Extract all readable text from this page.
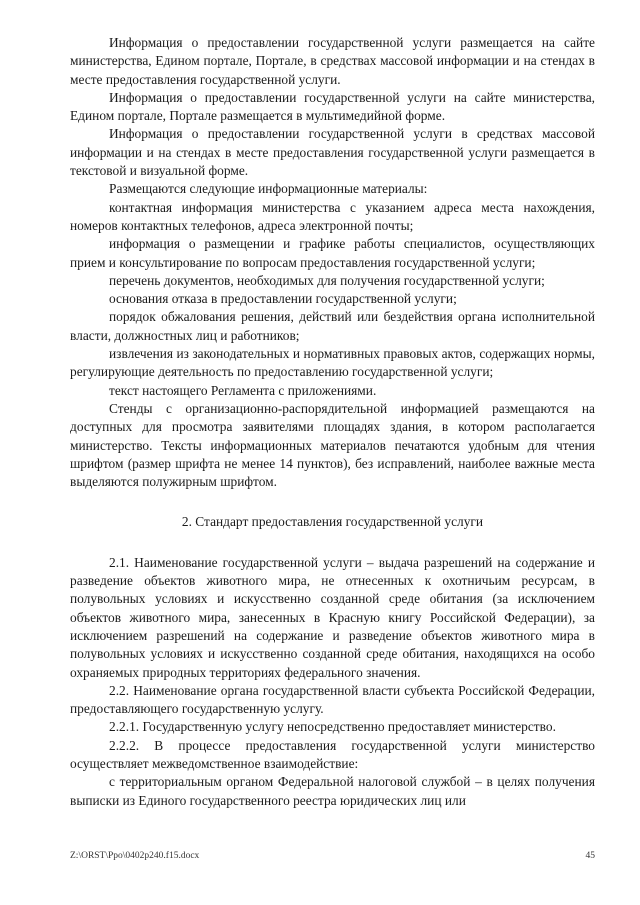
Информация о предоставлении государственной услуги размещается на сайте министерства, Едином портале, Портале, в средствах массовой информации и на стендах в месте предоставления государственной услуги.

Информация о предоставлении государственной услуги на сайте министерства, Едином портале, Портале размещается в мультимедийной форме.

Информация о предоставлении государственной услуги в средствах массовой информации и на стендах в месте предоставления государственной услуги размещается в текстовой и визуальной форме.

Размещаются следующие информационные материалы:

контактная информация министерства с указанием адреса места нахождения, номеров контактных телефонов, адреса электронной почты;

информация о размещении и графике работы специалистов, осуществляющих прием и консультирование по вопросам предоставления государственной услуги;

перечень документов, необходимых для получения государственной услуги;

основания отказа в предоставлении государственной услуги;

порядок обжалования решения, действий или бездействия органа исполнительной власти, должностных лиц и работников;

извлечения из законодательных и нормативных правовых актов, содержащих нормы, регулирующие деятельность по предоставлению государственной услуги;

текст настоящего Регламента с приложениями.

Стенды с организационно-распорядительной информацией размещаются на доступных для просмотра заявителями площадях здания, в котором располагается министерство. Тексты информационных материалов печатаются удобным для чтения шрифтом (размер шрифта не менее 14 пунктов), без исправлений, наиболее важные места выделяются полужирным шрифтом.

2. Стандарт предоставления государственной услуги

2.1. Наименование государственной услуги – выдача разрешений на содержание и разведение объектов животного мира, не отнесенных к охотничьим ресурсам, в полувольных условиях и искусственно созданной среде обитания (за исключением объектов животного мира, занесенных в Красную книгу Российской Федерации), за исключением разрешений на содержание и разведение объектов животного мира в полувольных условиях и искусственно созданной среде обитания, находящихся на особо охраняемых природных территориях федерального значения.

2.2. Наименование органа государственной власти субъекта Российской Федерации, предоставляющего государственную услугу.

2.2.1. Государственную услугу непосредственно предоставляет министерство.

2.2.2. В процессе предоставления государственной услуги министерство осуществляет межведомственное взаимодействие:

с территориальным органом Федеральной налоговой службой – в целях получения выписки из Единого государственного реестра юридических лиц или

Z:\ORST\Ppo\0402p240.f15.docx	45
